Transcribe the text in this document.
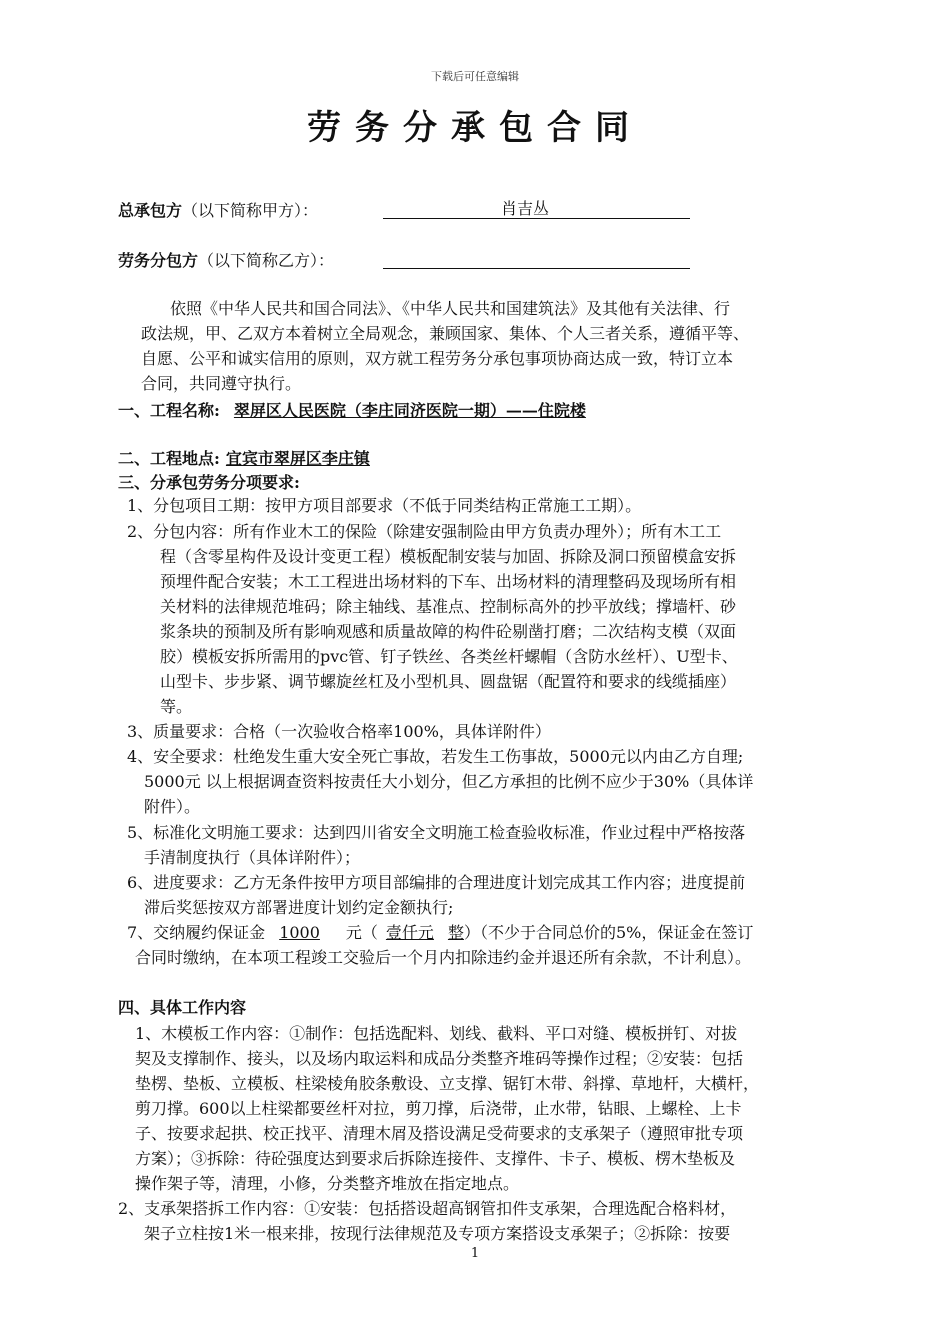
下载后可任意编辑
劳务分承包合同
总承包方（以下简称甲方）：	肖吉丛
劳务分包方（以下简称乙方）：
依照《中华人民共和国合同法》、《中华人民共和国建筑法》及其他有关法律、行
政法规，甲、乙双方本着树立全局观念，兼顾国家、集体、个人三者关系，遵循平等、
自愿、公平和诚实信用的原则，双方就工程劳务分承包事项协商达成一致，特订立本
合同，共同遵守执行。
一、工程名称: 翠屏区人民医院（李庄同济医院一期）——住院楼
二、工程地点: 宜宾市翠屏区李庄镇
三、分承包劳务分项要求:
1、分包项目工期：按甲方项目部要求（不低于同类结构正常施工工期）。
2、分包内容：所有作业木工的保险（除建安强制险由甲方负责办理外）；所有木工工
程（含零星构件及设计变更工程）模板配制安装与加固、拆除及洞口预留模盒安拆
预埋件配合安装；木工工程进出场材料的下车、出场材料的清理整码及现场所有相
关材料的法律规范堆码；除主轴线、基准点、控制标高外的抄平放线；撑墙杆、砂
浆条块的预制及所有影响观感和质量故障的构件砼剔凿打磨；二次结构支模（双面
胶）模板安拆所需用的pvc管、钉子铁丝、各类丝杆螺帽（含防水丝杆）、U型卡、
山型卡、步步紧、调节螺旋丝杠及小型机具、圆盘锯（配置符和要求的线缆插座）
等。
3、质量要求：合格（一次验收合格率100%，具体详附件）
4、安全要求：杜绝发生重大安全死亡事故，若发生工伤事故，5000元以内由乙方自理;
5000元 以上根据调查资料按责任大小划分，但乙方承担的比例不应少于30%（具体详
附件）。
5、标准化文明施工要求：达到四川省安全文明施工检查验收标准，作业过程中严格按落
手清制度执行（具体详附件）；
6、进度要求：乙方无条件按甲方项目部编排的合理进度计划完成其工作内容；进度提前
滞后奖惩按双方部署进度计划约定金额执行;
7、交纳履约保证金 1000 元（ 壹仟元 整）（不少于合同总价的5%，保证金在签订
合同时缴纳，在本项工程竣工交验后一个月内扣除违约金并退还所有余款，不计利息）。
四、具体工作内容
1、木模板工作内容：①制作：包括选配料、划线、截料、平口对缝、模板拼钉、对拔
契及支撑制作、接头，以及场内取运料和成品分类整齐堆码等操作过程；②安装：包括
垫楞、垫板、立模板、柱梁棱角胶条敷设、立支撑、锯钉木带、斜撑、草地杆，大横杆，
剪刀撑。600以上柱梁都要丝杆对拉，剪刀撑，后浇带，止水带，钻眼、上螺栓、上卡
子、按要求起拱、校正找平、清理木屑及搭设满足受荷要求的支承架子（遵照审批专项
方案）；③拆除：待砼强度达到要求后拆除连接件、支撑件、卡子、模板、楞木垫板及
操作架子等，清理，小修，分类整齐堆放在指定地点。
2、支承架搭拆工作内容：①安装：包括搭设超高钢管扣件支承架，合理选配合格料材，
架子立柱按1米一根来排，按现行法律规范及专项方案搭设支承架子；②拆除：按要
1
